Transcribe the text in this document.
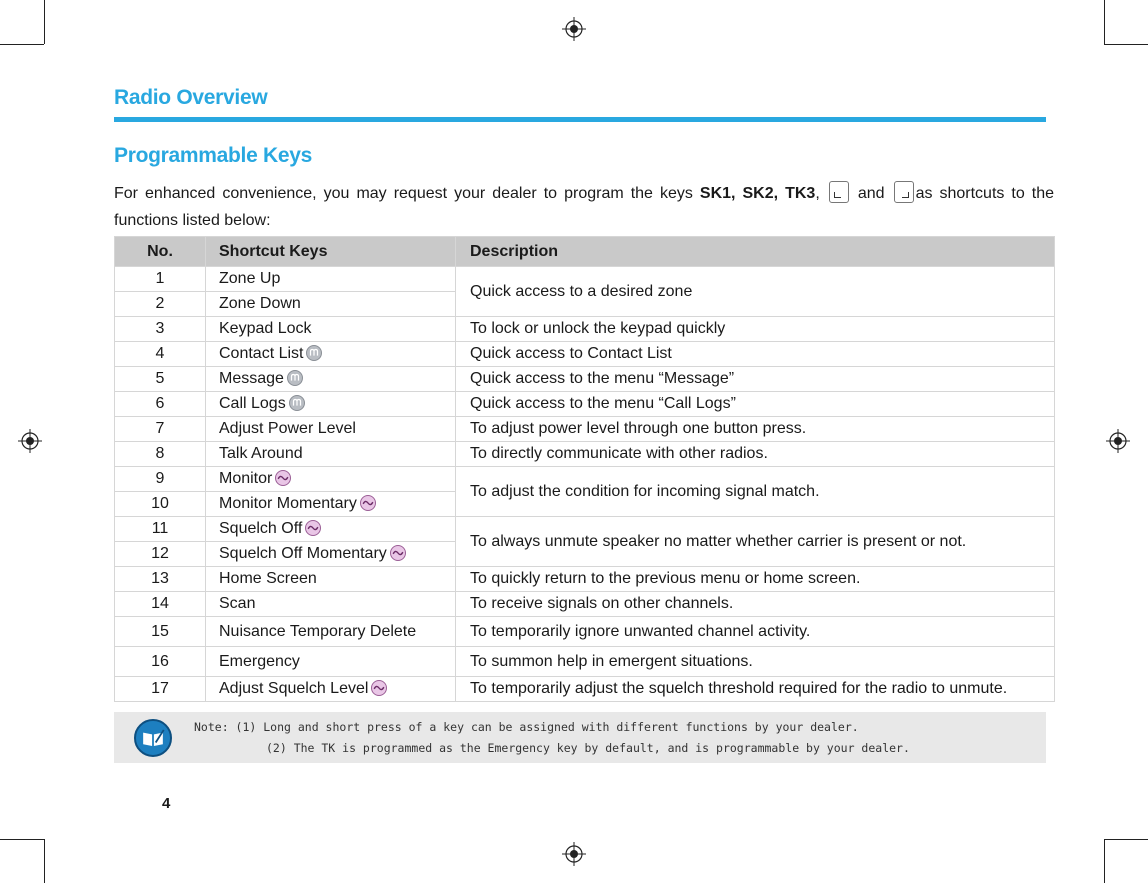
Radio Overview
Programmable Keys

For enhanced convenience, you may request your dealer to program the keys SK1, SK2, TK3, and as shortcuts to the functions listed below:

No.	Shortcut Keys	Description
1	Zone Up	Quick access to a desired zone
2	Zone Down	
3	Keypad Lock	To lock or unlock the keypad quickly
4	Contact List	Quick access to Contact List
5	Message	Quick access to the menu “Message”
6	Call Logs	Quick access to the menu “Call Logs”
7	Adjust Power Level	To adjust power level through one button press.
8	Talk Around	To directly communicate with other radios.
9	Monitor	To adjust the condition for incoming signal match.
10	Monitor Momentary	

11	Squelch Off	To always unmute speaker no matter whether carrier is present or not.
12	Squelch Off Momentary	

13	Home Screen	To quickly return to the previous menu or home screen.
14	Scan	To receive signals on other channels.
15	Nuisance Temporary Delete	To temporarily ignore unwanted channel activity.
16	Emergency	To summon help in emergent situations.
17	Adjust Squelch Level	To temporarily adjust the squelch threshold required for the radio to unmute.
Note: (1) Long and short press of a key can be assigned with different functions by your dealer.
(2) The TK is programmed as the Emergency key by default, and is programmable by your dealer.
4
